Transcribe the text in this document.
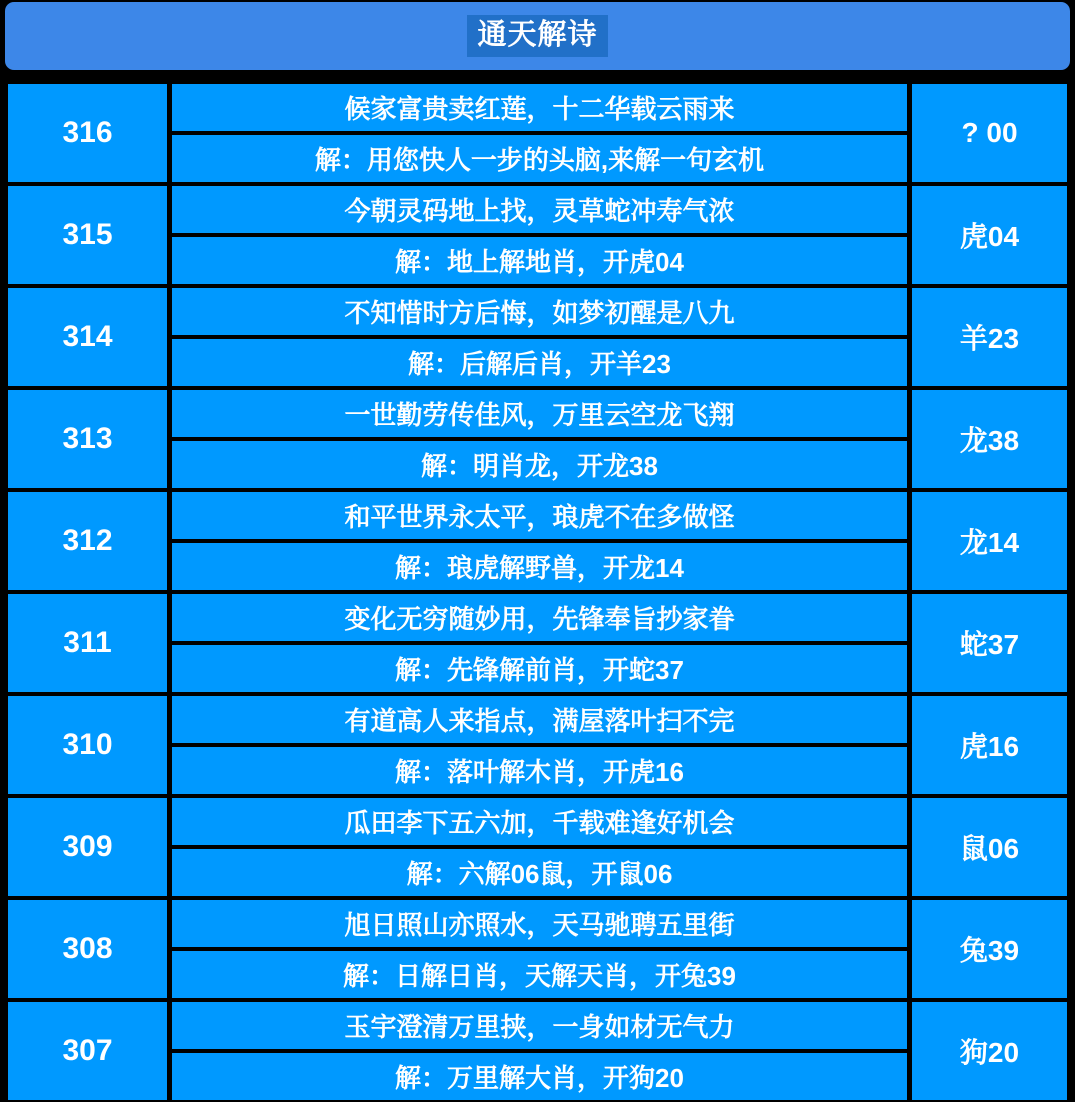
通天解诗
316
候家富贵卖红莲，十二华载云雨来
解：用您快人一步的头脑,来解一句玄机
? 00
315
今朝灵码地上找，灵草蛇冲寿气浓
解：地上解地肖，开虎04
虎04
314
不知惜时方后悔，如梦初醒是八九
解：后解后肖，开羊23
羊23
313
一世勤劳传佳风，万里云空龙飞翔
解：明肖龙，开龙38
龙38
312
和平世界永太平，琅虎不在多做怪
解：琅虎解野兽，开龙14
龙14
311
变化无穷随妙用，先锋奉旨抄家眷
解：先锋解前肖，开蛇37
蛇37
310
有道高人来指点，满屋落叶扫不完
解：落叶解木肖，开虎16
虎16
309
瓜田李下五六加，千载难逢好机会
解：六解06鼠，开鼠06
鼠06
308
旭日照山亦照水，天马驰聘五里街
解：日解日肖，天解天肖，开兔39
兔39
307
玉宇澄清万里挟，一身如材无气力
解：万里解大肖，开狗20
狗20
